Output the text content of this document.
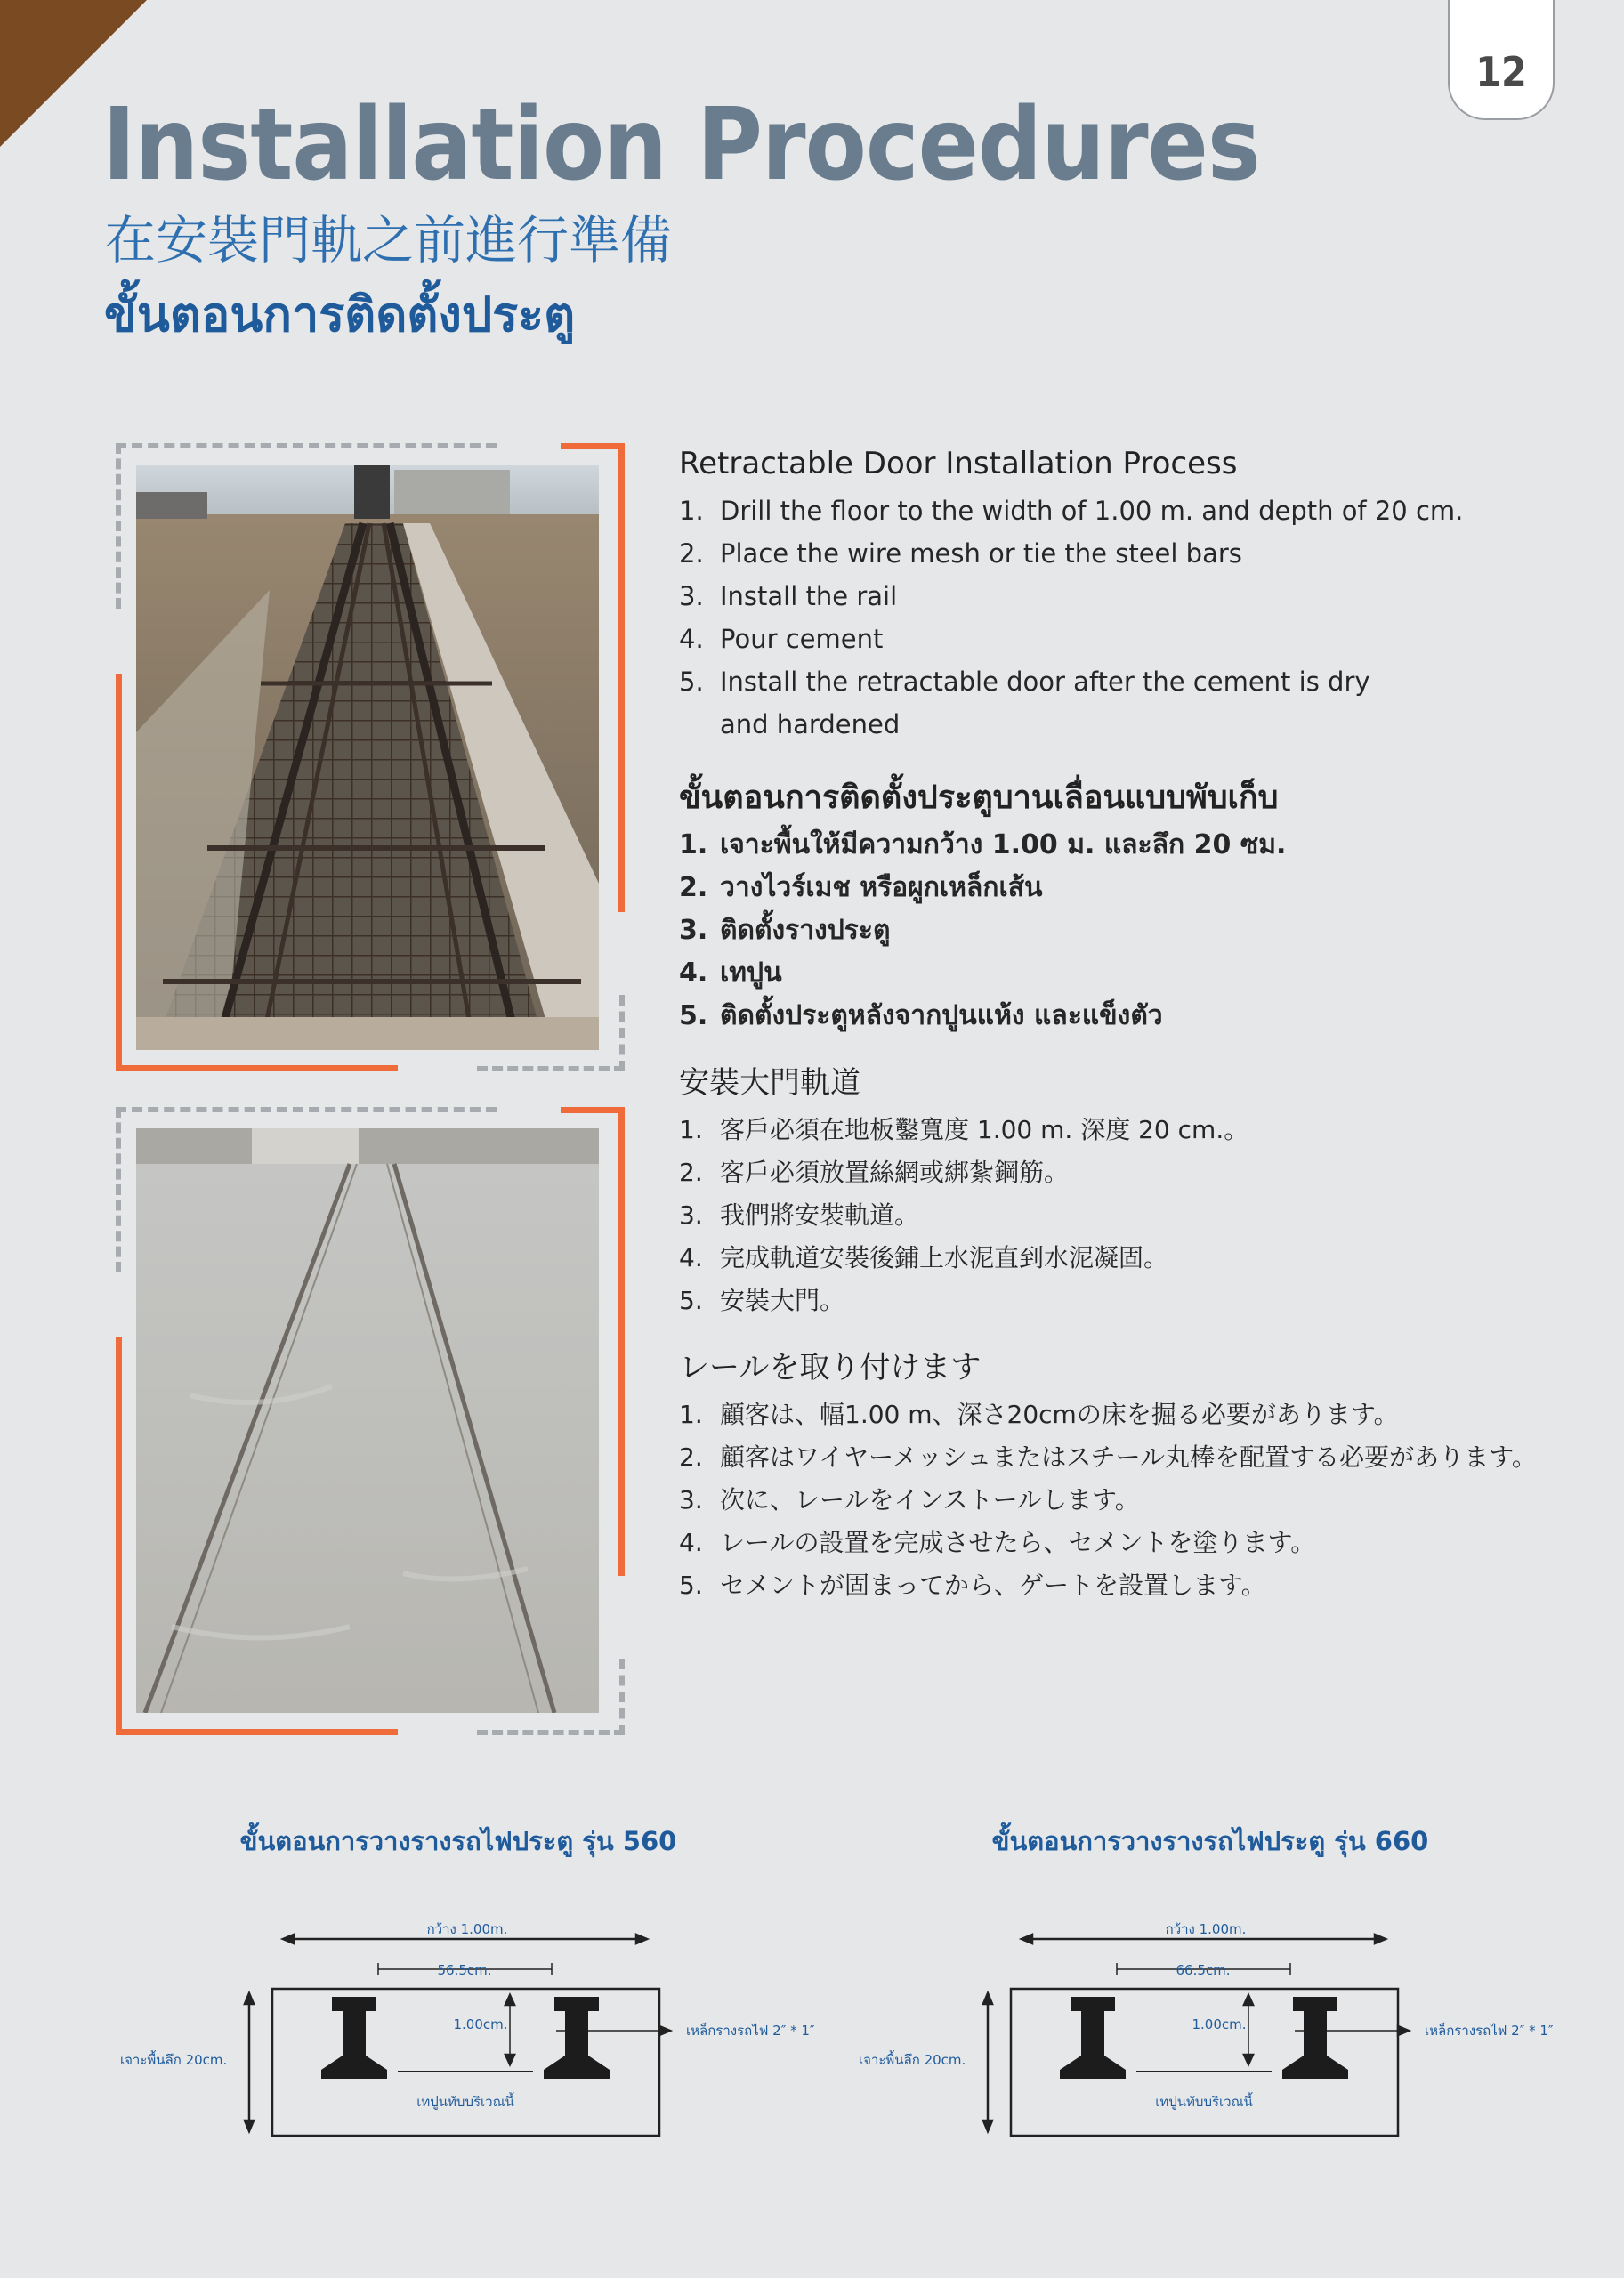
12
Installation Procedures
在安裝門軌之前進行準備
ขั้นตอนการติดตั้งประตู
Retractable Door Installation Process
1. Drill the floor to the width of 1.00 m. and depth of 20 cm.
2. Place the wire mesh or tie the steel bars
3. Install the rail
4. Pour cement
5. Install the retractable door after the cement is dry
and hardened
ขั้นตอนการติดตั้งประตูบานเลื่อนแบบพับเก็บ
1. เจาะพื้นให้มีความกว้าง 1.00 ม. และลึก 20 ซม.
2. วางไวร์เมช หรือผูกเหล็กเส้น
3. ติดตั้งรางประตู
4. เทปูน
5. ติดตั้งประตูหลังจากปูนแห้ง และแข็งตัว
安裝大門軌道
1. 客戶必須在地板鑿寬度 1.00 m. 深度 20 cm.。
2. 客戶必須放置絲網或綁紮鋼筋。
3. 我們將安裝軌道。
4. 完成軌道安裝後鋪上水泥直到水泥凝固。
5. 安裝大門。
レールを取り付けます
1. 顧客は、幅1.00 m、深さ20cmの床を掘る必要があります。
2. 顧客はワイヤーメッシュまたはスチール丸棒を配置する必要があります。
3. 次に、レールをインストールします。
4. レールの設置を完成させたら、セメントを塗ります。
5. セメントが固まってから、ゲートを設置します。
ขั้นตอนการวางรางรถไฟประตู รุ่น 560	ขั้นตอนการวางรางรถไฟประตู รุ่น 660
กว้าง 1.00m.
56.5cm.
1.00cm.	เหล็กรางรถไฟ 2″ * 1″
เจาะพื้นลึก 20cm.
เทปูนทับบริเวณนี้
กว้าง 1.00m.
66.5cm.
1.00cm.	เหล็กรางรถไฟ 2″ * 1″
เจาะพื้นลึก 20cm.
เทปูนทับบริเวณนี้
